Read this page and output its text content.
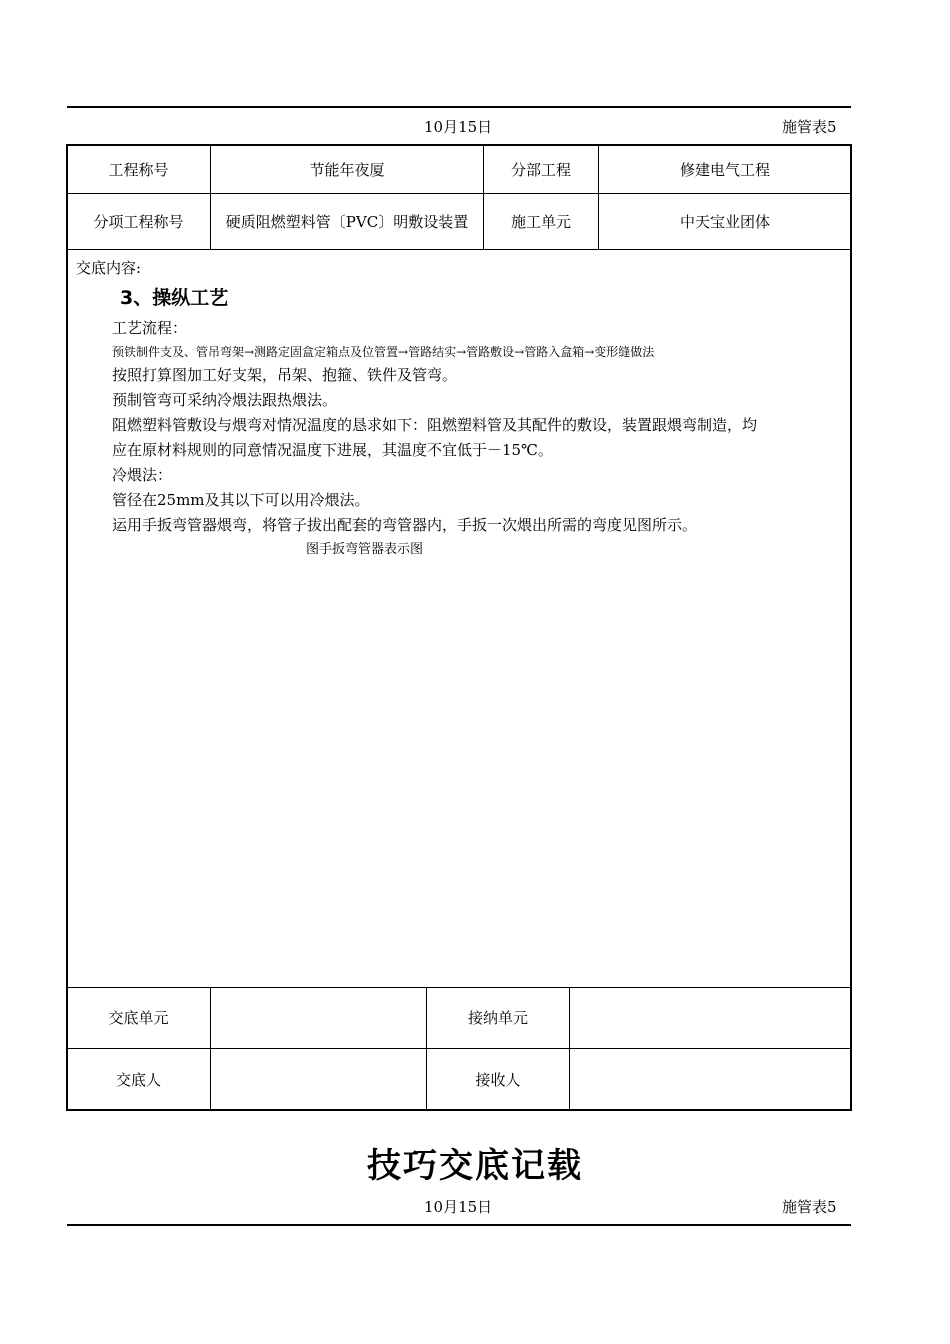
10月15日	施管表5
工程称号	节能年夜厦	分部工程	修建电气工程
分项工程称号	硬质阻燃塑料管〔PVC〕明敷设装置	施工单元	中天宝业团体
交底内容:
3、操纵工艺
工艺流程：
预铁制件支及、管吊弯架→测路定固盒定箱点及位管置→管路结实→管路敷设→管路入盒箱→变形缝做法
按照打算图加工好支架，吊架、抱箍、铁件及管弯。
预制管弯可采纳冷煨法跟热煨法。
阻燃塑料管敷设与煨弯对情况温度的恳求如下：阻燃塑料管及其配件的敷设，装置跟煨弯制造，均
应在原材料规则的同意情况温度下进展，其温度不宜低于－15℃。
冷煨法：
管径在25mm及其以下可以用冷煨法。
运用手扳弯管器煨弯，将管子拔出配套的弯管器内，手扳一次煨出所需的弯度见图所示。
图手扳弯管器表示图
交底单元	接纳单元
交底人	接收人
技巧交底记载
10月15日	施管表5
